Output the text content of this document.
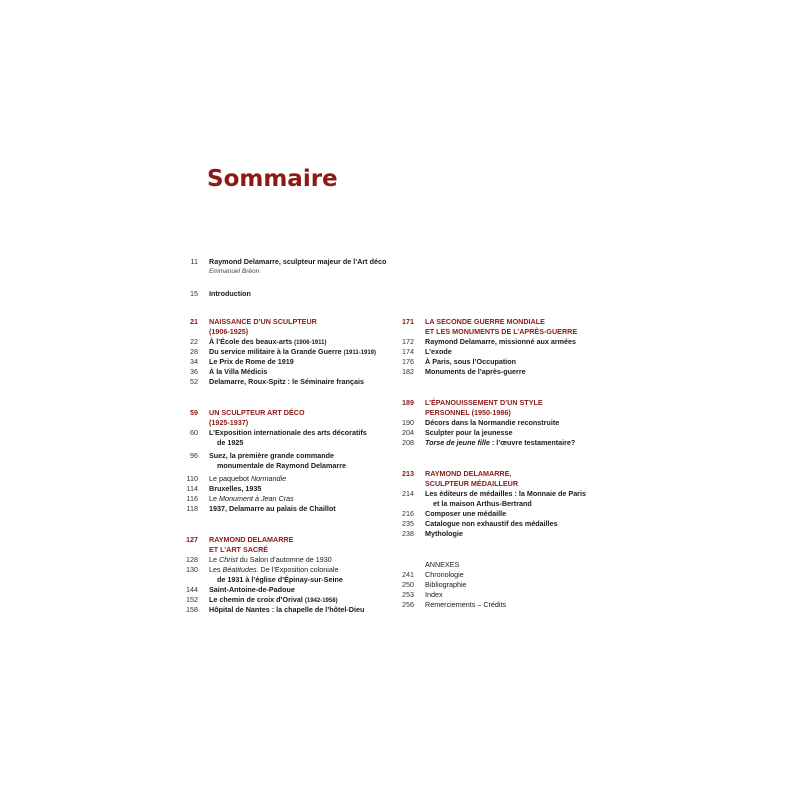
Sommaire
11 Raymond Delamarre, sculpteur majeur de l’Art déco
Emmanuel Bréon
15 Introduction
21 NAISSANCE D’UN SCULPTEUR
(1906-1925)
22 À l’École des beaux-arts (1906-1911)
28 Du service militaire à la Grande Guerre (1911-1919)
34 Le Prix de Rome de 1919
36 À la Villa Médicis
52 Delamarre, Roux-Spitz : le Séminaire français
59 UN SCULPTEUR ART DÉCO
(1925-1937)
60 L’Exposition internationale des arts décoratifs
de 1925
96 Suez, la première grande commande
monumentale de Raymond Delamarre
110 Le paquebot Normandie
114 Bruxelles, 1935
116 Le Monument à Jean Cras
118 1937, Delamarre au palais de Chaillot
127 RAYMOND DELAMARRE
ET L’ART SACRÉ
128 Le Christ du Salon d’automne de 1930
130 Les Béatitudes. De l’Exposition coloniale
de 1931 à l’église d’Épinay-sur-Seine
144 Saint-Antoine-de-Padoue
152 Le chemin de croix d’Orival (1942-1958)
158 Hôpital de Nantes : la chapelle de l’hôtel-Dieu
171 LA SECONDE GUERRE MONDIALE
ET LES MONUMENTS DE L’APRÈS-GUERRE
172 Raymond Delamarre, missionné aux armées
174 L’exode
176 À Paris, sous l’Occupation
182 Monuments de l’après-guerre
189 L’ÉPANOUISSEMENT D’UN STYLE
PERSONNEL (1950-1986)
190 Décors dans la Normandie reconstruite
204 Sculpter pour la jeunesse
208 Torse de jeune fille : l’œuvre testamentaire?
213 RAYMOND DELAMARRE,
SCULPTEUR MÉDAILLEUR
214 Les éditeurs de médailles : la Monnaie de Paris
et la maison Arthus-Bertrand
216 Composer une médaille
235 Catalogue non exhaustif des médailles
238 Mythologie
ANNEXES
241 Chronologie
250 Bibliographie
253 Index
256 Remerciements – Crédits
